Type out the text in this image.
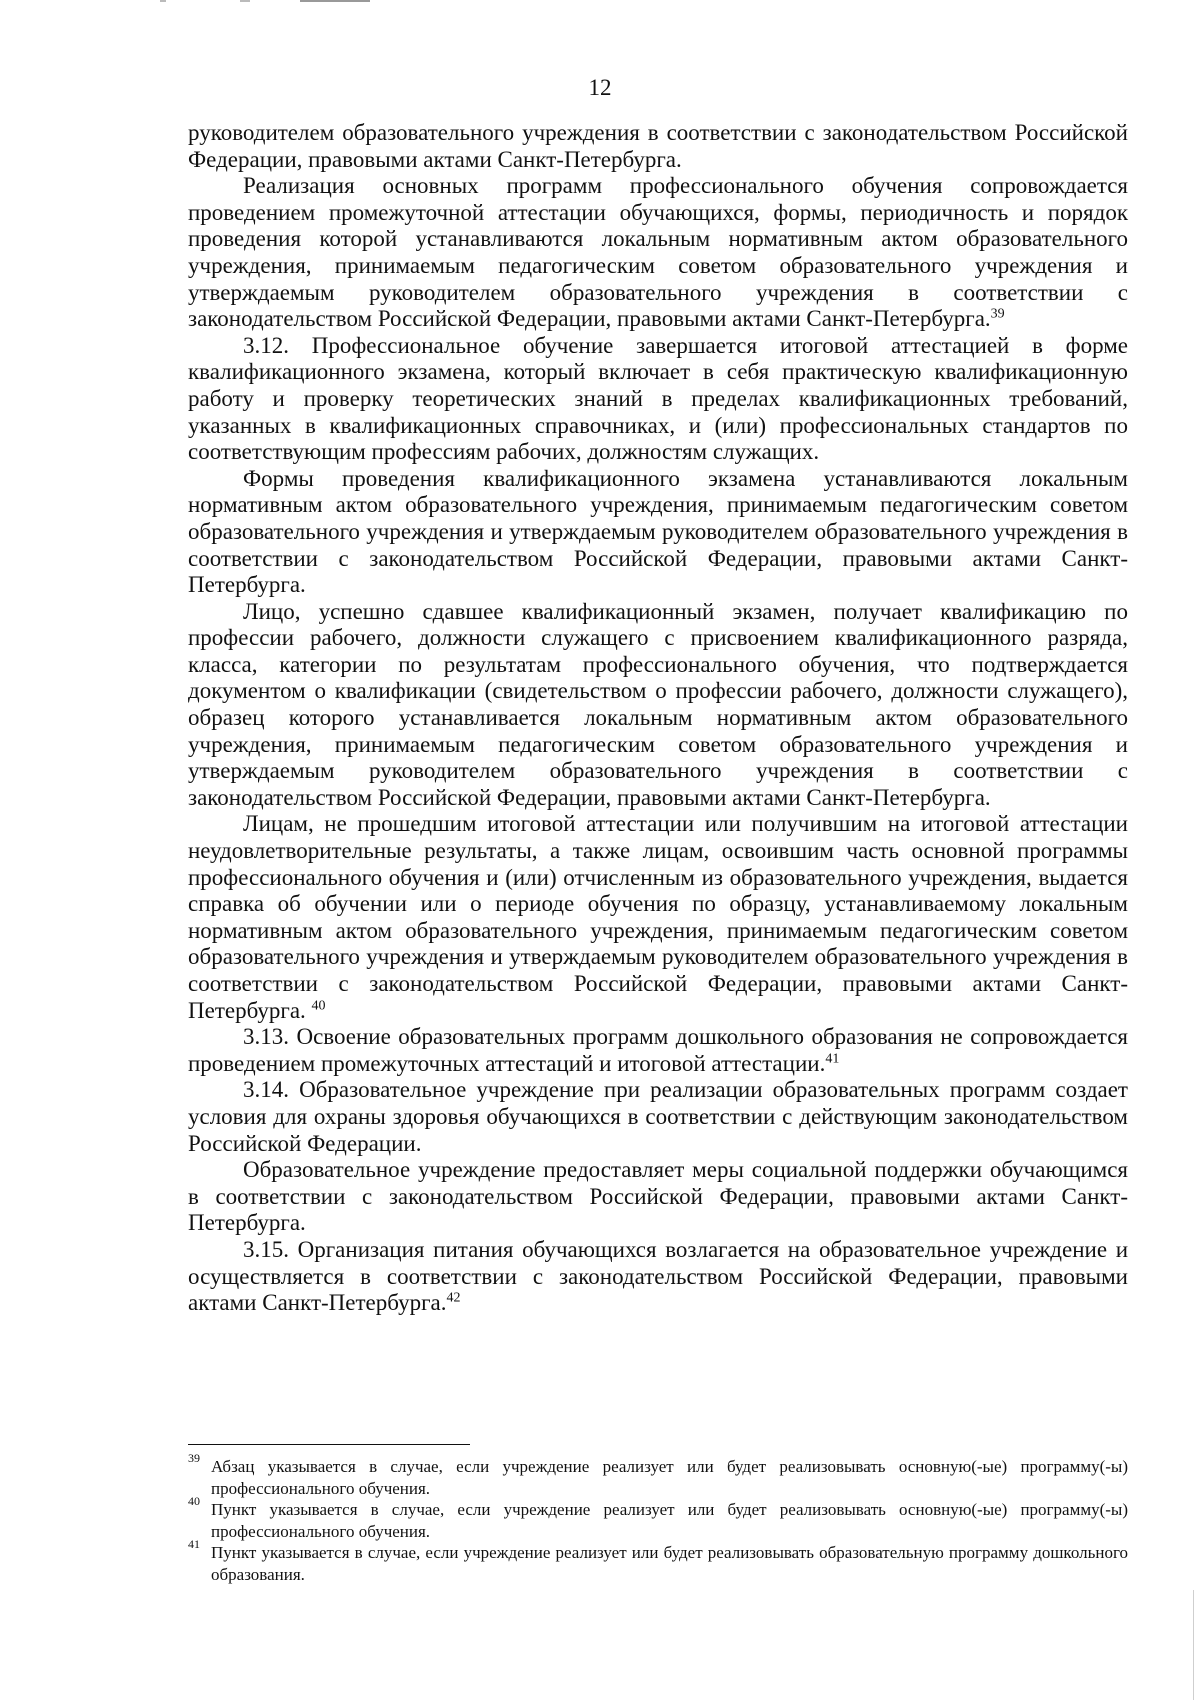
12

руководителем образовательного учреждения в соответствии с законодательством Российской Федерации, правовыми актами Санкт-Петербурга.

Реализация основных программ профессионального обучения сопровождается проведением промежуточной аттестации обучающихся, формы, периодичность и порядок проведения которой устанавливаются локальным нормативным актом образовательного учреждения, принимаемым педагогическим советом образовательного учреждения и утверждаемым руководителем образовательного учреждения в соответствии с законодательством Российской Федерации, правовыми актами Санкт-Петербурга.$^{39}$

3.12. Профессиональное обучение завершается итоговой аттестацией в форме квалификационного экзамена, который включает в себя практическую квалификационную работу и проверку теоретических знаний в пределах квалификационных требований, указанных в квалификационных справочниках, и (или) профессиональных стандартов по соответствующим профессиям рабочих, должностям служащих.

Формы проведения квалификационного экзамена устанавливаются локальным нормативным актом образовательного учреждения, принимаемым педагогическим советом образовательного учреждения и утверждаемым руководителем образовательного учреждения в соответствии с законодательством Российской Федерации, правовыми актами Санкт-Петербурга.

Лицо, успешно сдавшее квалификационный экзамен, получает квалификацию по профессии рабочего, должности служащего с присвоением квалификационного разряда, класса, категории по результатам профессионального обучения, что подтверждается документом о квалификации (свидетельством о профессии рабочего, должности служащего), образец которого устанавливается локальным нормативным актом образовательного учреждения, принимаемым педагогическим советом образовательного учреждения и утверждаемым руководителем образовательного учреждения в соответствии с законодательством Российской Федерации, правовыми актами Санкт-Петербурга.

Лицам, не прошедшим итоговой аттестации или получившим на итоговой аттестации неудовлетворительные результаты, а также лицам, освоившим часть основной программы профессионального обучения и (или) отчисленным из образовательного учреждения, выдается справка об обучении или о периоде обучения по образцу, устанавливаемому локальным нормативным актом образовательного учреждения, принимаемым педагогическим советом образовательного учреждения и утверждаемым руководителем образовательного учреждения в соответствии с законодательством Российской Федерации, правовыми актами Санкт-Петербурга. $^{40}$

3.13. Освоение образовательных программ дошкольного образования не сопровождается проведением промежуточных аттестаций и итоговой аттестации.$^{41}$

3.14. Образовательное учреждение при реализации образовательных программ создает условия для охраны здоровья обучающихся в соответствии с действующим законодательством Российской Федерации.

Образовательное учреждение предоставляет меры социальной поддержки обучающимся в соответствии с законодательством Российской Федерации, правовыми актами Санкт-Петербурга.

3.15. Организация питания обучающихся возлагается на образовательное учреждение и осуществляется в соответствии с законодательством Российской Федерации, правовыми актами Санкт-Петербурга.$^{42}$

39 Абзац указывается в случае, если учреждение реализует или будет реализовывать основную(-ые) программу(-ы) профессионального обучения.
40 Пункт указывается в случае, если учреждение реализует или будет реализовывать основную(-ые) программу(-ы) профессионального обучения.
41 Пункт указывается в случае, если учреждение реализует или будет реализовывать образовательную программу дошкольного образования.
